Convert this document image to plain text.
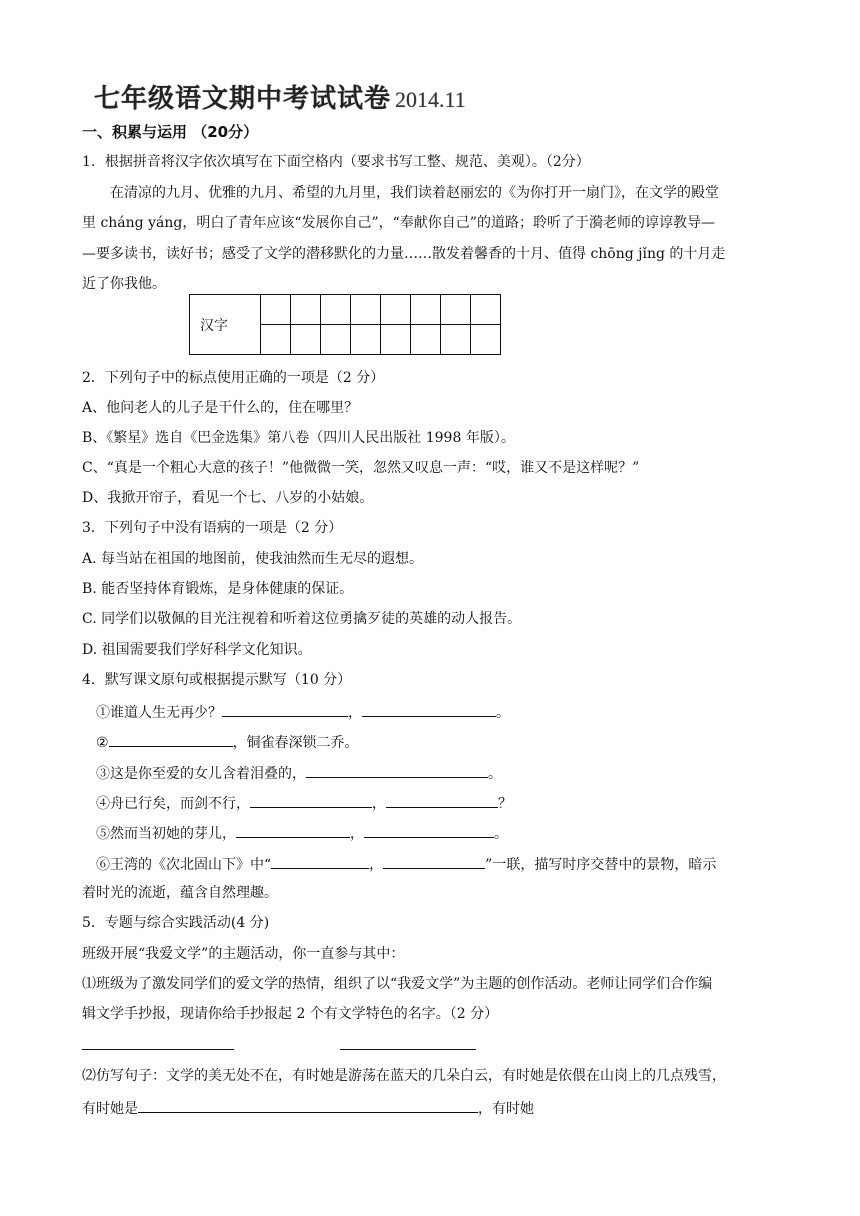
七年级语文期中考试试卷 2014.11
一、积累与运用 （20分）
1．根据拼音将汉字依次填写在下面空格内（要求书写工整、规范、美观）。（2分）
在清凉的九月、优雅的九月、希望的九月里，我们读着赵丽宏的《为你打开一扇门》，在文学的殿堂
里 cháng yáng，明白了青年应该“发展你自己”，“奉献你自己”的道路；聆听了于漪老师的谆谆教导—
—要多读书，读好书；感受了文学的潜移默化的力量……散发着馨香的十月、值得 chōng jǐng 的十月走
近了你我他。
汉字								

2．下列句子中的标点使用正确的一项是（2 分）
A、他问老人的儿子是干什么的，住在哪里？
B、《繁星》选自《巴金选集》第八卷（四川人民出版社 1998 年版）。
C、“真是一个粗心大意的孩子！”他微微一笑，忽然又叹息一声：“哎，谁又不是这样呢？”
D、我掀开帘子，看见一个七、八岁的小姑娘。
3．下列句子中没有语病的一项是（2 分）
A. 每当站在祖国的地图前，使我油然而生无尽的遐想。
B. 能否坚持体育锻炼，是身体健康的保证。
C. 同学们以敬佩的目光注视着和听着这位勇擒歹徒的英雄的动人报告。
D. 祖国需要我们学好科学文化知识。
4．默写课文原句或根据提示默写（10 分）
①谁道人生无再少？	，	。
②	，铜雀春深锁二乔。
③这是你至爱的女儿含着泪叠的，	。
④舟已行矣，而剑不行，	，	？
⑤然而当初她的芽儿，	，	。
⑥王湾的《次北固山下》中“	，	”一联，描写时序交替中的景物，暗示
着时光的流逝，蕴含自然理趣。
5．专题与综合实践活动(4 分)
班级开展“我爱文学”的主题活动，你一直参与其中：
⑴班级为了激发同学们的爱文学的热情，组织了以“我爱文学”为主题的创作活动。老师让同学们合作编
辑文学手抄报，现请你给手抄报起 2 个有文学特色的名字。（2 分）
⑵仿写句子：文学的美无处不在，有时她是游荡在蓝天的几朵白云，有时她是依偎在山岗上的几点残雪，
有时她是	，有时她
